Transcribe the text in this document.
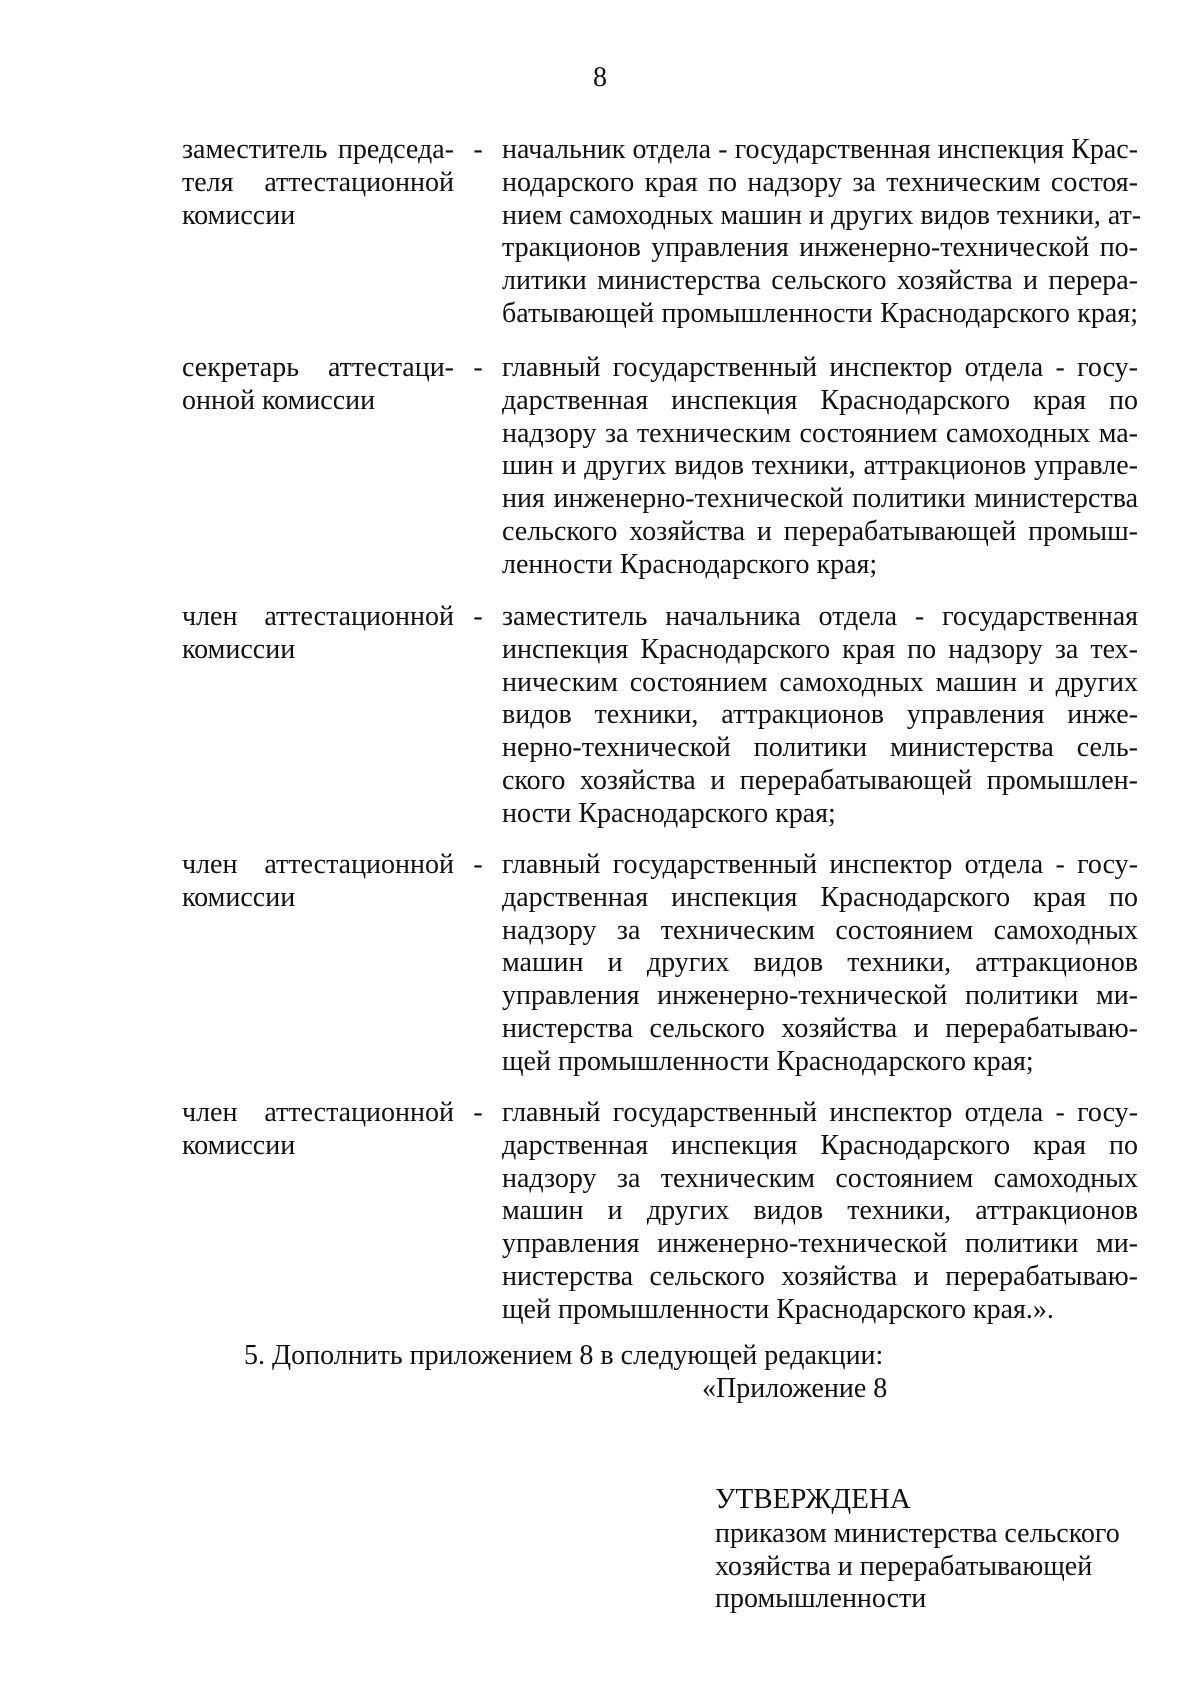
8
заместитель председа-
теля аттестационной
комиссии
- начальник отдела - государственная инспекция Крас-
нодарского края по надзору за техническим состоя-
нием самоходных машин и других видов техники, ат-
тракционов управления инженерно-технической по-
литики министерства сельского хозяйства и перера-
батывающей промышленности Краснодарского края;
секретарь аттестаци-
онной комиссии
- главный государственный инспектор отдела - госу-
дарственная инспекция Краснодарского края по
надзору за техническим состоянием самоходных ма-
шин и других видов техники, аттракционов управле-
ния инженерно-технической политики министерства
сельского хозяйства и перерабатывающей промыш-
ленности Краснодарского края;
член аттестационной
комиссии
- заместитель начальника отдела - государственная
инспекция Краснодарского края по надзору за тех-
ническим состоянием самоходных машин и других
видов техники, аттракционов управления инже-
нерно-технической политики министерства сель-
ского хозяйства и перерабатывающей промышлен-
ности Краснодарского края;
член аттестационной
комиссии
- главный государственный инспектор отдела - госу-
дарственная инспекция Краснодарского края по
надзору за техническим состоянием самоходных
машин и других видов техники, аттракционов
управления инженерно-технической политики ми-
нистерства сельского хозяйства и перерабатываю-
щей промышленности Краснодарского края;
член аттестационной
комиссии
- главный государственный инспектор отдела - госу-
дарственная инспекция Краснодарского края по
надзору за техническим состоянием самоходных
машин и других видов техники, аттракционов
управления инженерно-технической политики ми-
нистерства сельского хозяйства и перерабатываю-
щей промышленности Краснодарского края.».
5. Дополнить приложением 8 в следующей редакции:
«Приложение 8
УТВЕРЖДЕНА
приказом министерства сельского
хозяйства и перерабатывающей
промышленности
